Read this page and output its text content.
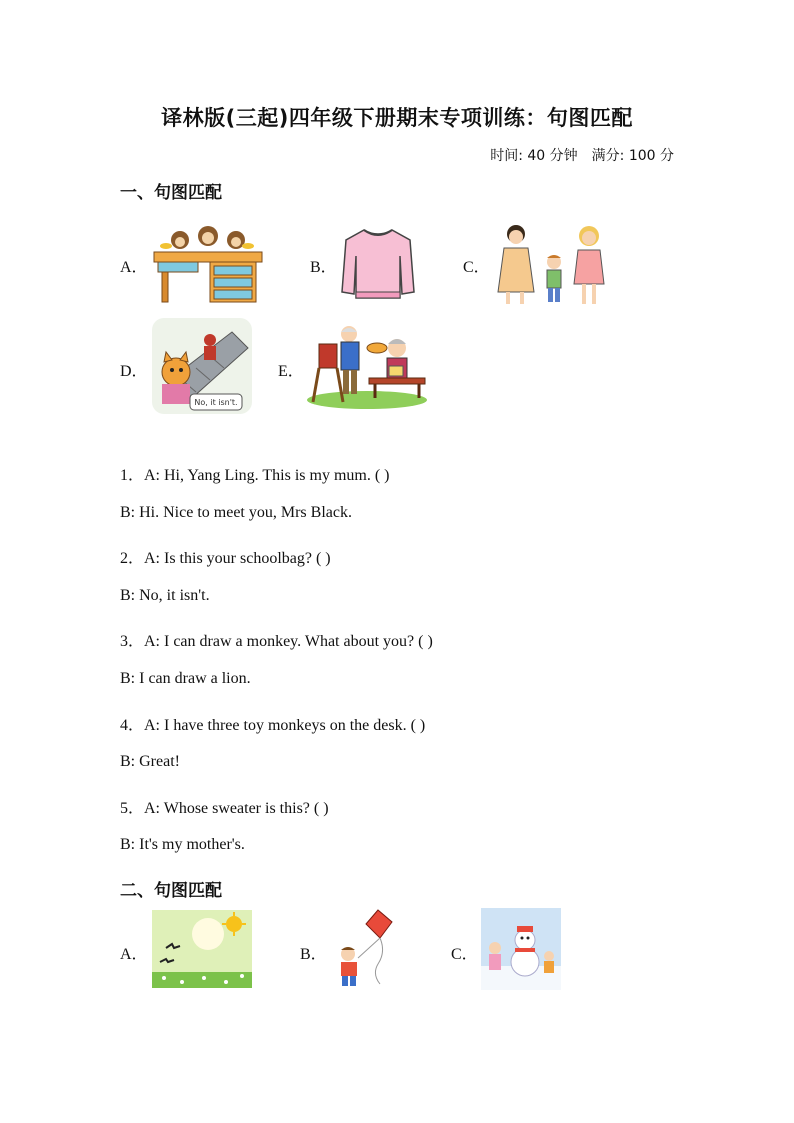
译林版(三起)四年级下册期末专项训练：句图匹配
时间: 40 分钟 满分: 100 分
一、句图匹配
A．	B．	C．
D．
No, it isn't.
E．
1．A: Hi, Yang Ling. This is my mum. ( )
B: Hi. Nice to meet you, Mrs Black.
2．A: Is this your schoolbag? ( )
B: No, it isn't.
3．A: I can draw a monkey. What about you? ( )
B: I can draw a lion.
4．A: I have three toy monkeys on the desk. ( )
B: Great!
5．A: Whose sweater is this? ( )
B: It's my mother's.
二、句图匹配
A．	B．	C．
